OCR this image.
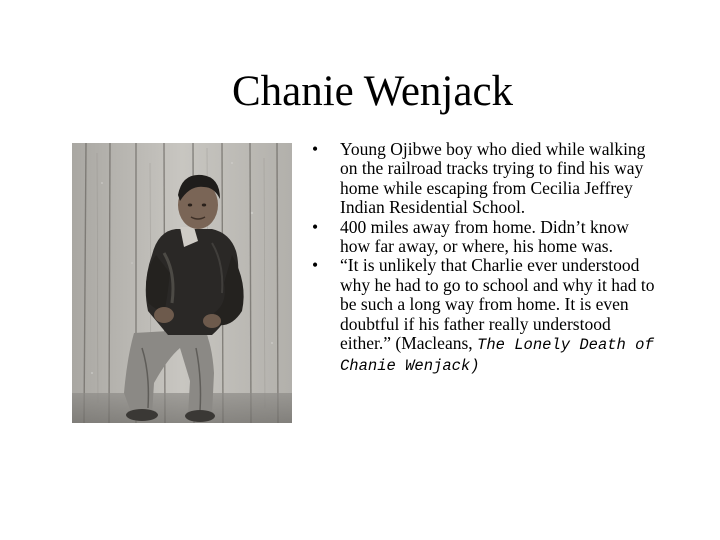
Chanie Wenjack
• Young Ojibwe boy who died while walking on the railroad tracks trying to find his way home while escaping from Cecilia Jeffrey Indian Residential School.
• 400 miles away from home. Didn’t know how far away, or where, his home was.
• “It is unlikely that Charlie ever understood why he had to go to school and why it had to be such a long way from home. It is even doubtful if his father really understood either.” (Macleans, The Lonely Death of Chanie Wenjack)
